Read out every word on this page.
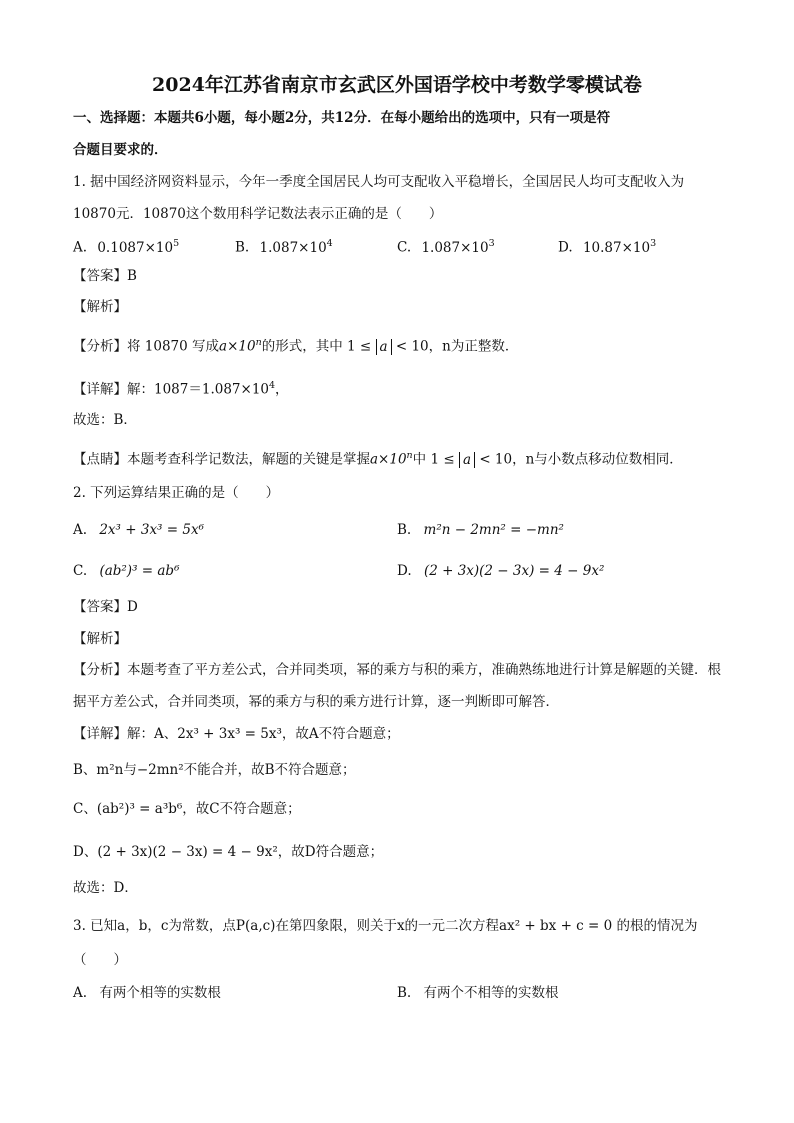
2024年江苏省南京市玄武区外国语学校中考数学零模试卷
一、选择题：本题共6小题，每小题2分，共12分．在每小题给出的选项中，只有一项是符
合题目要求的．
1. 据中国经济网资料显示，今年一季度全国居民人均可支配收入平稳增长，全国居民人均可支配收入为
10870元．10870这个数用科学记数法表示正确的是（　　）
A. $0.1087\times 10^5$	B. $1.087\times 10^4$	C. $1.087\times 10^3$	D. $10.87\times 10^3$
【答案】B
【解析】
【分析】将 10870 写成$a\times 10^n$的形式，其中 1 ≤ a < 10，n为正整数．
【详解】解：$1087=1.087\times 10^4$，
故选：B．
【点睛】本题考查科学记数法，解题的关键是掌握$a\times 10^n$中 1 ≤ a < 10，n与小数点移动位数相同．
2. 下列运算结果正确的是（　　）
A. 2x³ + 3x³ = 5x⁶	B. m²n − 2mn² = −mn²
C. (ab²)³ = ab⁶	D. (2 + 3x)(2 − 3x) = 4 − 9x²
【答案】D
【解析】
【分析】本题考查了平方差公式，合并同类项，幂的乘方与积的乘方，准确熟练地进行计算是解题的关键．根
据平方差公式，合并同类项，幂的乘方与积的乘方进行计算，逐一判断即可解答．
【详解】解：A、2x³ + 3x³ = 5x³，故A不符合题意；
B、m²n与−2mn²不能合并，故B不符合题意；
C、(ab²)³ = a³b⁶，故C不符合题意；
D、(2 + 3x)(2 − 3x) = 4 − 9x²，故D符合题意；
故选：D．
3. 已知a，b，c为常数，点P(a,c)在第四象限，则关于x的一元二次方程ax² + bx + c = 0 的根的情况为
（　　）
A. 有两个相等的实数根	B. 有两个不相等的实数根
